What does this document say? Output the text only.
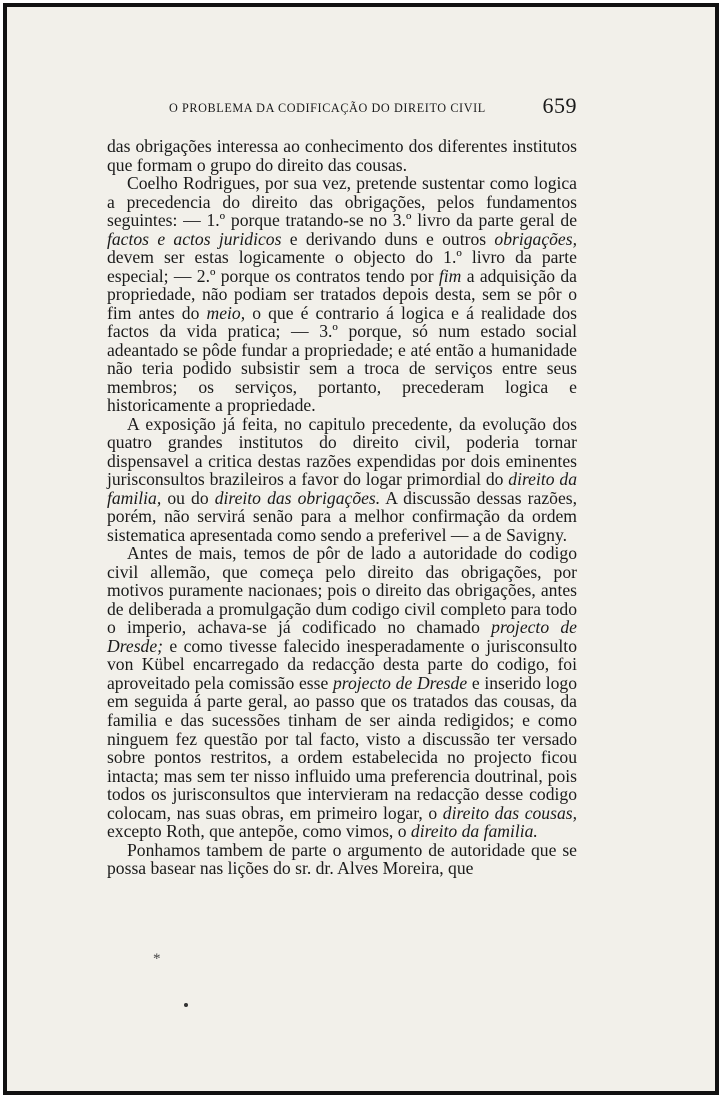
O PROBLEMA DA CODIFICAÇÃO DO DIREITO CIVIL	659

das obrigações interessa ao conhecimento dos diferentes institutos que formam o grupo do direito das cousas.

Coelho Rodrigues, por sua vez, pretende sustentar como logica a precedencia do direito das obrigações, pelos fundamentos seguintes: — 1.º porque tratando-se no 3.º livro da parte geral de factos e actos juridicos e derivando duns e outros obrigações, devem ser estas logicamente o objecto do 1.º livro da parte especial; — 2.º porque os contratos tendo por fim a adquisição da propriedade, não podiam ser tratados depois desta, sem se pôr o fim antes do meio, o que é contrario á logica e á realidade dos factos da vida pratica; — 3.º porque, só num estado social adeantado se pôde fundar a propriedade; e até então a humanidade não teria podido subsistir sem a troca de serviços entre seus membros; os serviços, portanto, precederam logica e historicamente a propriedade.

A exposição já feita, no capitulo precedente, da evolução dos quatro grandes institutos do direito civil, poderia tornar dispensavel a critica destas razões expendidas por dois eminentes jurisconsultos brazileiros a favor do logar primordial do direito da familia, ou do direito das obrigações. A discussão dessas razões, porém, não servirá senão para a melhor confirmação da ordem sistematica apresentada como sendo a preferivel — a de Savigny.

Antes de mais, temos de pôr de lado a autoridade do codigo civil allemão, que começa pelo direito das obrigações, por motivos puramente nacionaes; pois o direito das obrigações, antes de deliberada a promulgação dum codigo civil completo para todo o imperio, achava-se já codificado no chamado projecto de Dresde; e como tivesse falecido inesperadamente o jurisconsulto von Kübel encarregado da redacção desta parte do codigo, foi aproveitado pela comissão esse projecto de Dresde e inserido logo em seguida á parte geral, ao passo que os tratados das cousas, da familia e das sucessões tinham de ser ainda redigidos; e como ninguem fez questão por tal facto, visto a discussão ter versado sobre pontos restritos, a ordem estabelecida no projecto ficou intacta; mas sem ter nisso influido uma preferencia doutrinal, pois todos os jurisconsultos que intervieram na redacção desse codigo colocam, nas suas obras, em primeiro logar, o direito das cousas, excepto Roth, que antepõe, como vimos, o direito da familia.

Ponhamos tambem de parte o argumento de autoridade que se possa basear nas lições do sr. dr. Alves Moreira, que

*
